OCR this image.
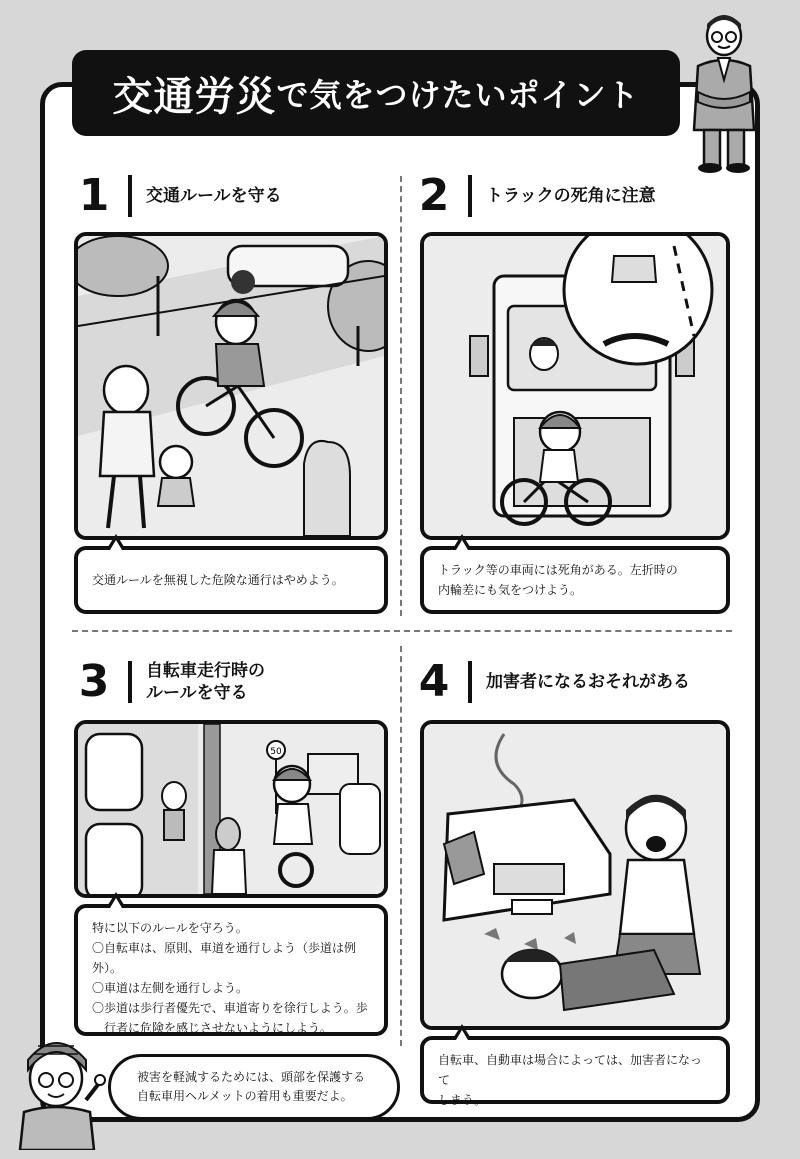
交通労災 で気をつけたいポイント
1 交通ルールを守る

交通ルールを無視した危険な通行はやめよう。

2 トラックの死角に注意

トラック等の車両には死角がある。左折時の

内輪差にも気をつけよう。

3 自転車走行時の
ルールを守る
50

特に以下のルールを守ろう。

〇自転車は、原則、車道を通行しよう（歩道は例外）。

〇車道は左側を通行しよう。

〇歩道は歩行者優先で、車道寄りを徐行しよう。歩

　行者に危険を感じさせないようにしよう。

4 加害者になるおそれがある

自転車、自動車は場合によっては、加害者になって

しまう。

被害を軽減するためには、頭部を保護する

自転車用ヘルメットの着用も重要だよ。
